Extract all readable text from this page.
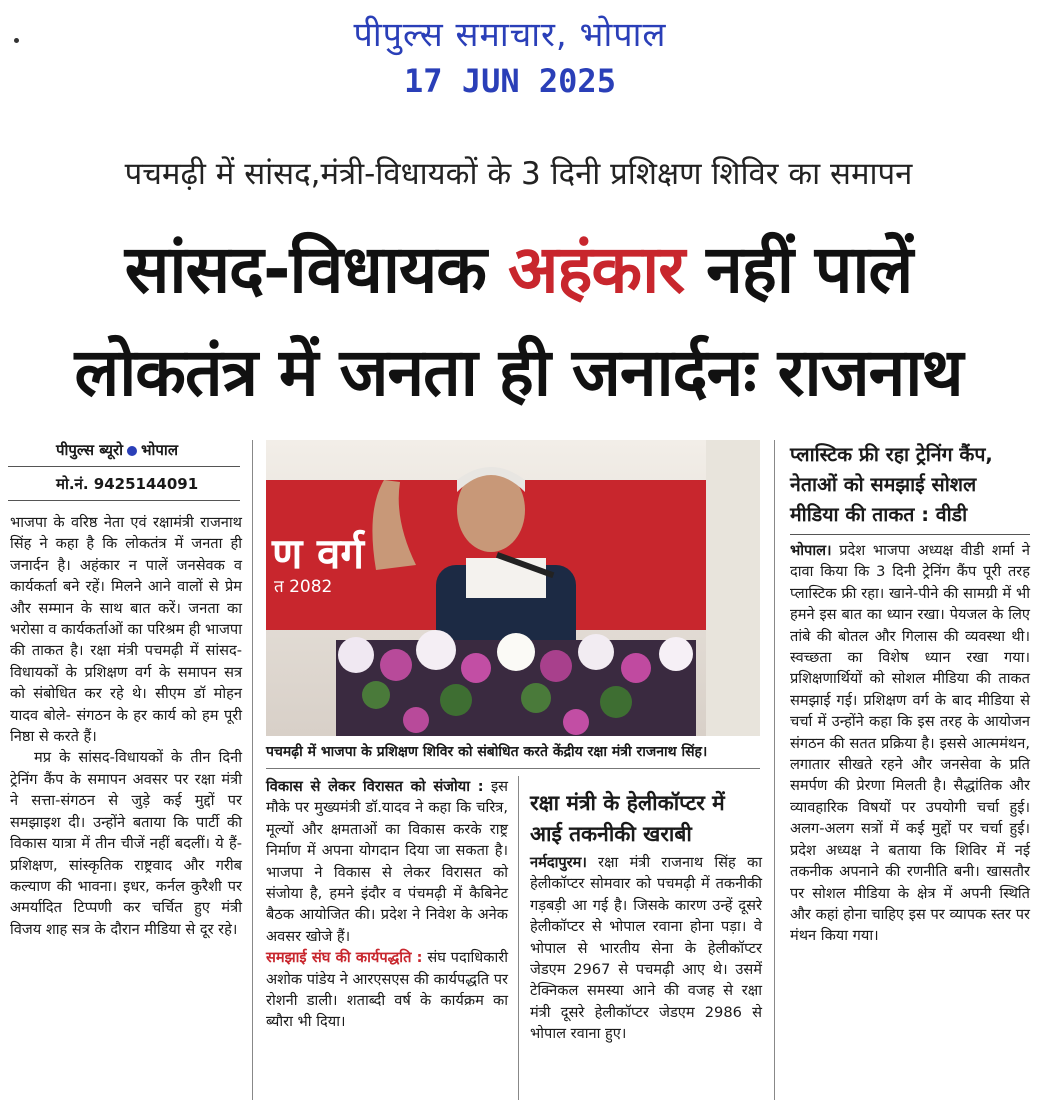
पीपुल्स समाचार, भोपाल
17 JUN 2025
पचमढ़ी में सांसद,मंत्री-विधायकों के 3 दिनी प्रशिक्षण शिविर का समापन
सांसद-विधायक अहंकार नहीं पालें
लोकतंत्र में जनता ही जनार्दनः राजनाथ
पीपुल्स ब्यूरो भोपाल
मो.नं. 9425144091

भाजपा के वरिष्ठ नेता एवं रक्षामंत्री राजनाथ सिंह ने कहा है कि लोकतंत्र में जनता ही जनार्दन है। अहंकार न पालें जनसेवक व कार्यकर्ता बने रहें। मिलने आने वालों से प्रेम और सम्मान के साथ बात करें। जनता का भरोसा व कार्यकर्ताओं का परिश्रम ही भाजपा की ताकत है। रक्षा मंत्री पचमढ़ी में सांसद-विधायकों के प्रशिक्षण वर्ग के समापन सत्र को संबोधित कर रहे थे। सीएम डॉ मोहन यादव बोले- संगठन के हर कार्य को हम पूरी निष्ठा से करते हैं।

मप्र के सांसद-विधायकों के तीन दिनी ट्रेनिंग कैंप के समापन अवसर पर रक्षा मंत्री ने सत्ता-संगठन से जुड़े कई मुद्दों पर समझाइश दी। उन्होंने बताया कि पार्टी की विकास यात्रा में तीन चीजें नहीं बदलीं। ये हैं- प्रशिक्षण, सांस्कृतिक राष्ट्रवाद और गरीब कल्याण की भावना। इधर, कर्नल कुरैशी पर अमर्यादित टिप्पणी कर चर्चित हुए मंत्री विजय शाह सत्र के दौरान मीडिया से दूर रहे।

ण वर्ग
त 2082
पचमढ़ी में भाजपा के प्रशिक्षण शिविर को संबोधित करते केंद्रीय रक्षा मंत्री राजनाथ सिंह।

विकास से लेकर विरासत को संजोया : इस मौके पर मुख्यमंत्री डॉ.यादव ने कहा कि चरित्र, मूल्यों और क्षमताओं का विकास करके राष्ट्र निर्माण में अपना योगदान दिया जा सकता है। भाजपा ने विकास से लेकर विरासत को संजोया है, हमने इंदौर व पंचमढ़ी में कैबिनेट बैठक आयोजित की। प्रदेश ने निवेश के अनेक अवसर खोजे हैं।

समझाई संघ की कार्यपद्धति : संघ पदाधिकारी अशोक पांडेय ने आरएसएस की कार्यपद्धति पर रोशनी डाली। शताब्दी वर्ष के कार्यक्रम का ब्यौरा भी दिया।

रक्षा मंत्री के हेलीकॉप्टर में आई तकनीकी खराबी

नर्मदापुरम। रक्षा मंत्री राजनाथ सिंह का हेलीकॉप्टर सोमवार को पचमढ़ी में तकनीकी गड़बड़ी आ गई है। जिसके कारण उन्हें दूसरे हेलीकॉप्टर से भोपाल रवाना होना पड़ा। वे भोपाल से भारतीय सेना के हेलीकॉप्टर जेडएम 2967 से पचमढ़ी आए थे। उसमें टेक्निकल समस्या आने की वजह से रक्षा मंत्री दूसरे हेलीकॉप्टर जेडएम 2986 से भोपाल रवाना हुए।

प्लास्टिक फ्री रहा ट्रेनिंग कैंप, नेताओं को समझाई सोशल मीडिया की ताकत : वीडी

भोपाल। प्रदेश भाजपा अध्यक्ष वीडी शर्मा ने दावा किया कि 3 दिनी ट्रेनिंग कैंप पूरी तरह प्लास्टिक फ्री रहा। खाने-पीने की सामग्री में भी हमने इस बात का ध्यान रखा। पेयजल के लिए तांबे की बोतल और गिलास की व्यवस्था थी। स्वच्छता का विशेष ध्यान रखा गया। प्रशिक्षणार्थियों को सोशल मीडिया की ताकत समझाई गई। प्रशिक्षण वर्ग के बाद मीडिया से चर्चा में उन्होंने कहा कि इस तरह के आयोजन संगठन की सतत प्रक्रिया है। इससे आत्ममंथन, लगातार सीखते रहने और जनसेवा के प्रति समर्पण की प्रेरणा मिलती है। सैद्धांतिक और व्यावहारिक विषयों पर उपयोगी चर्चा हुई। अलग-अलग सत्रों में कई मुद्दों पर चर्चा हुई। प्रदेश अध्यक्ष ने बताया कि शिविर में नई तकनीक अपनाने की रणनीति बनी। खासतौर पर सोशल मीडिया के क्षेत्र में अपनी स्थिति और कहां होना चाहिए इस पर व्यापक स्तर पर मंथन किया गया।
